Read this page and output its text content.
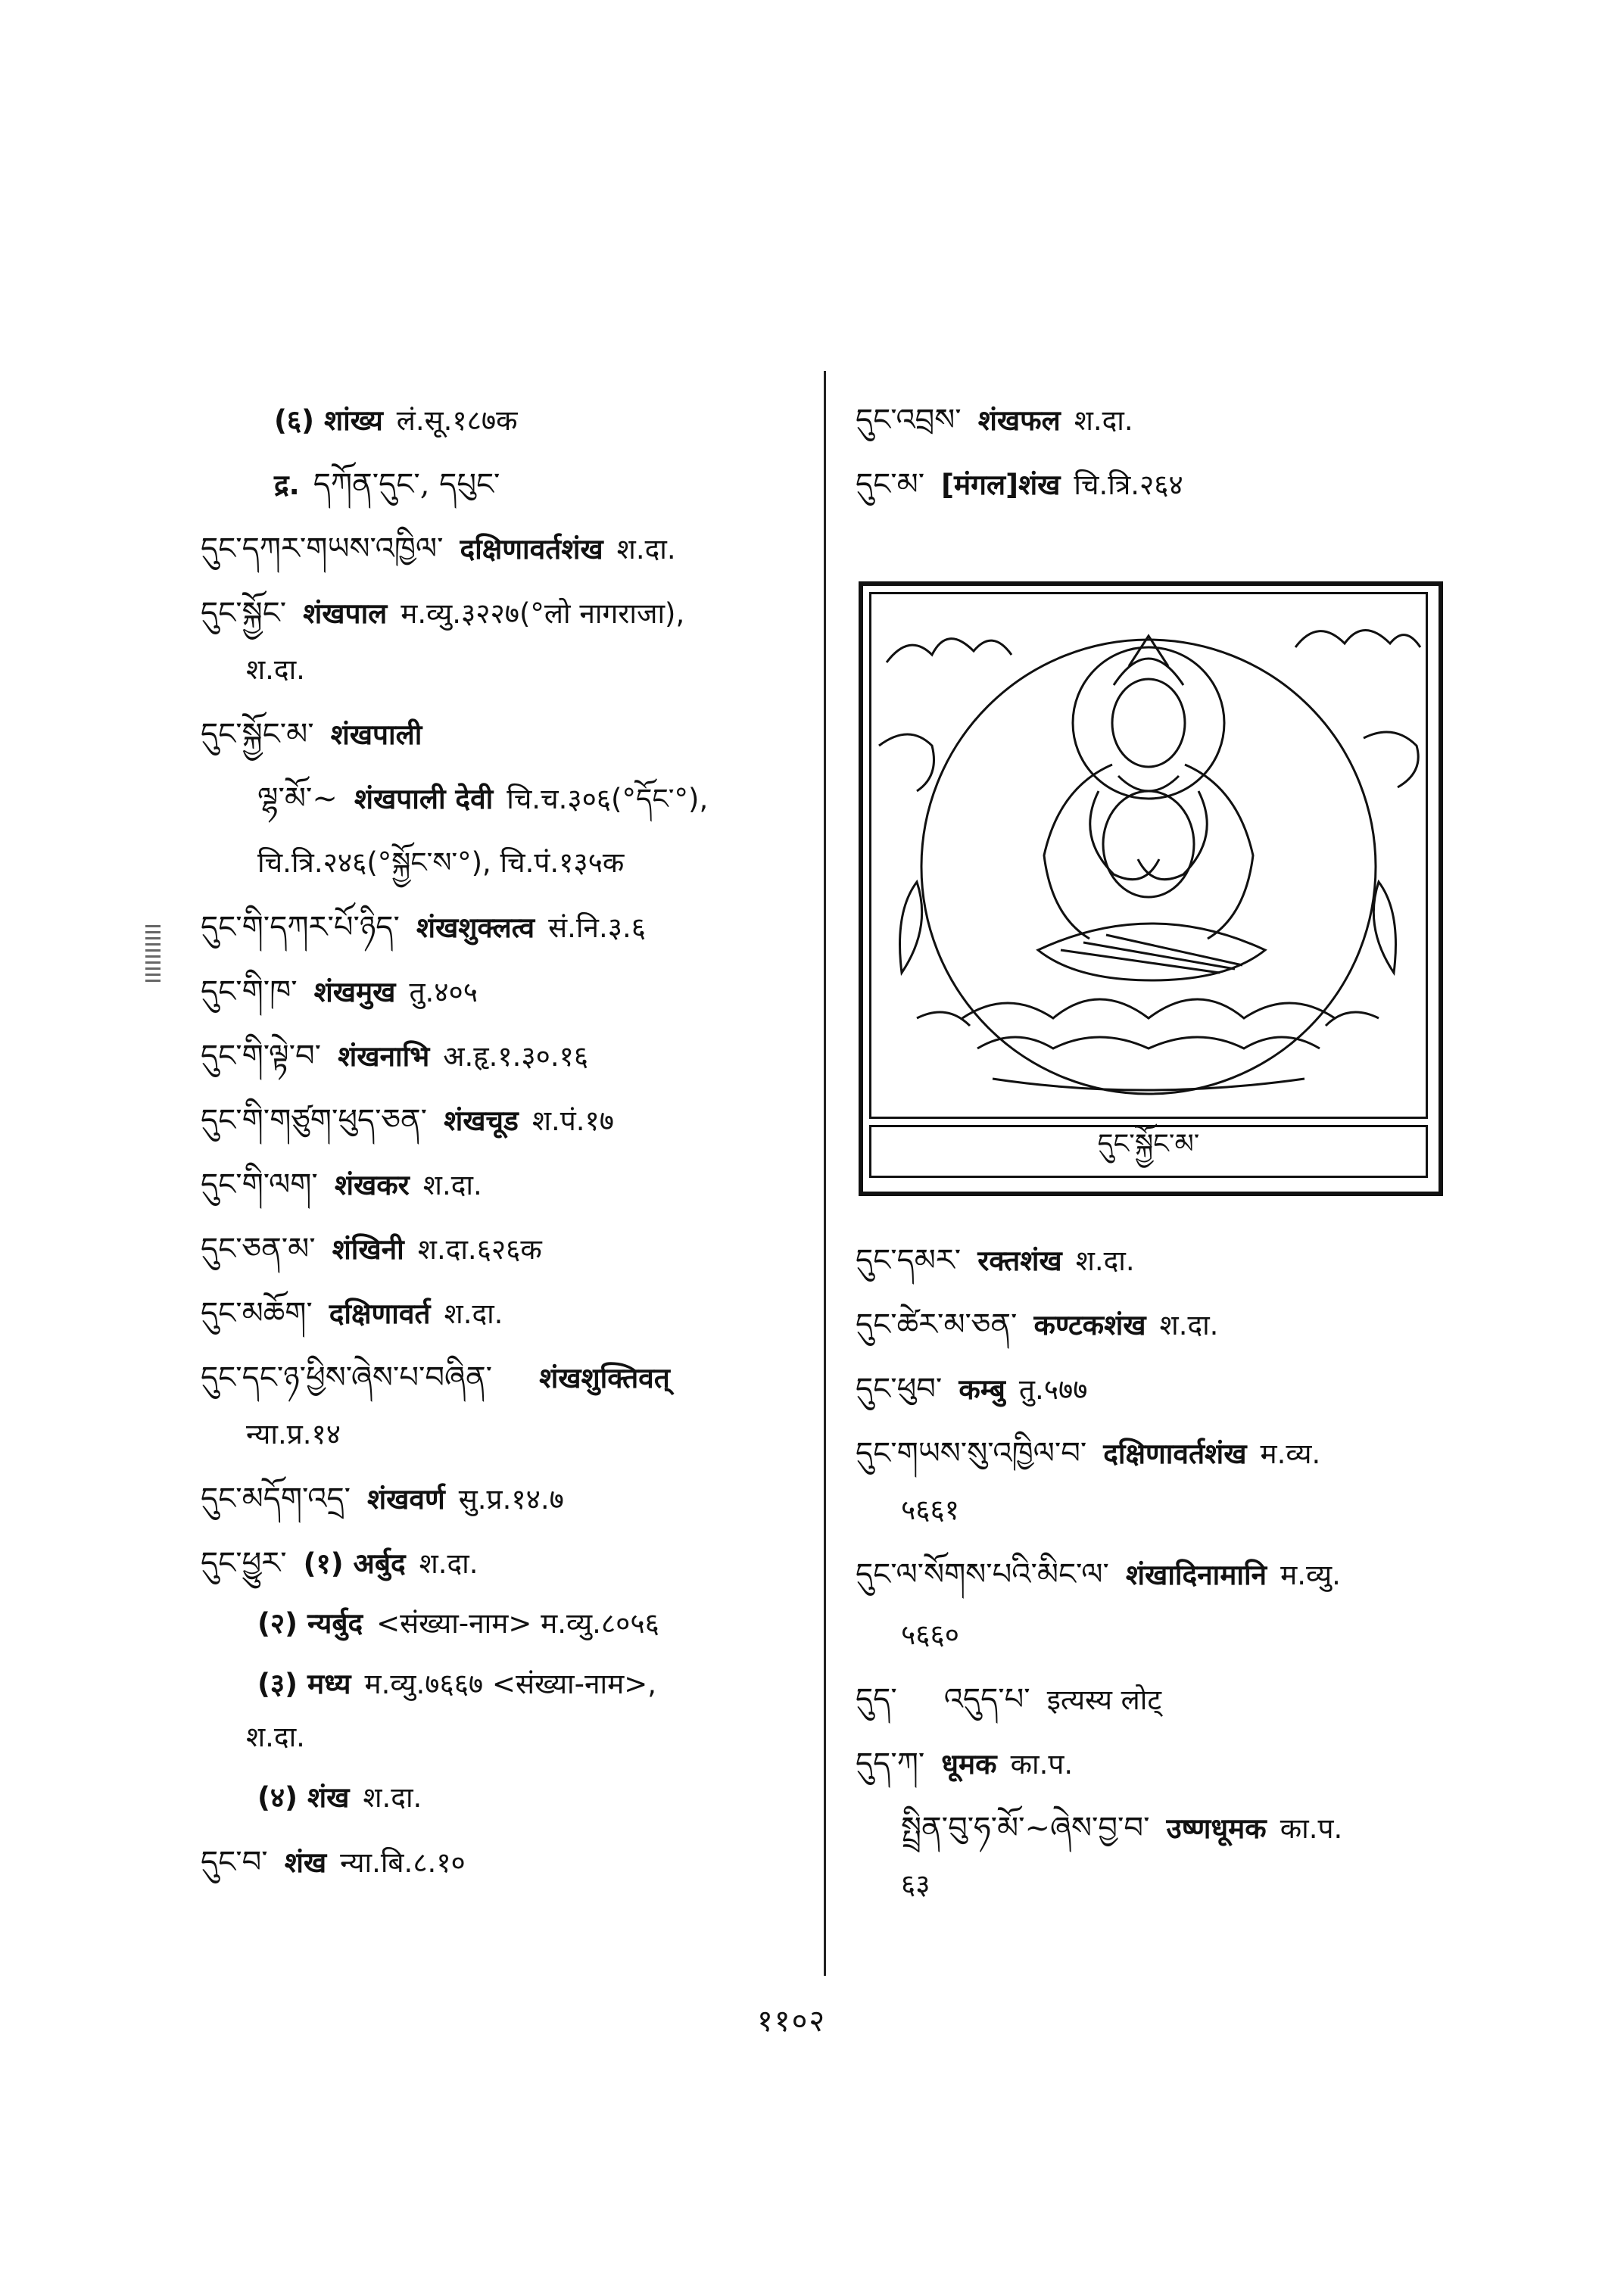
(६) शांख्य लं.सू.१८७क
द्र. དཀོན་དུང་, དཔུང་
དུང་དཀར་གཡས་འཁྱིལ་ दक्षिणावर्तशंख श.दा.
དུང་སྐྱོང་ शंखपाल म.व्यु.३२२७(°लो नागराजा),
श.दा.
དུང་སྐྱོང་མ་ शंखपाली
ལྷ་མོ་~ शंखपाली देवी चि.च.३०६(°དོང་°),
चि.त्रि.२४६(°སྐྱོང་ས་°), चि.पं.१३५क
དུང་གི་དཀར་པོ་ཉིད་ शंखशुक्लत्व सं.नि.३.६
དུང་གི་ཁ་ शंखमुख तु.४०५
དུང་གི་ལྟེ་བ་ शंखनाभि अ.हृ.१.३०.१६
དུང་གི་གཙུག་ཕུད་ཅན་ शंखचूड श.पं.१७
དུང་གི་ལག་ शंखकर श.दा.
དུང་ཅན་མ་ शंखिनी श.दा.६२६क
དུང་མཆོག་ दक्षिणावर्त श.दा.
དུང་དང་ཉ་ཕྱིས་ཞེས་པ་བཞིན་ शंखशुक्तिवत्
न्या.प्र.१४
དུང་མདོག་འདྲ་ शंखवर्ण सु.प्र.१४.७
དུང་ཕྱུར་ (१) अर्बुद श.दा.
(२) न्यर्बुद <संख्या-नाम> म.व्यु.८०५६
(३) मध्य म.व्यु.७६६७ <संख्या-नाम>,
श.दा.
(४) शंख श.दा.
དུང་བ་ शंख न्या.बि.८.१०
དུང་འབྲས་ शंखफल श.दा.
དུང་མ་ [मंगल]शंख चि.त्रि.२६४
དུང་དམར་ रक्तशंख श.दा.
དུང་ཚེར་མ་ཅན་ कण्टकशंख श.दा.
དུང་ཕུབ་ कम्बु तु.५७७
དུང་གཡས་སུ་འཁྱིལ་བ་ दक्षिणावर्तशंख म.व्य.
५६६१
དུང་ལ་སོགས་པའི་མིང་ལ་ शंखादिनामानि म.व्यु.
५६६०
དུད་ འདུད་པ་ इत्यस्य लोट्
དུད་ཀ་ धूमक का.प.
སྤྲིན་བུ་ཧ་མོ་~ཞེས་བྱ་བ་ उष्णधूमक का.प.
६३
དུང་སྐྱོང་མ་
११०२
